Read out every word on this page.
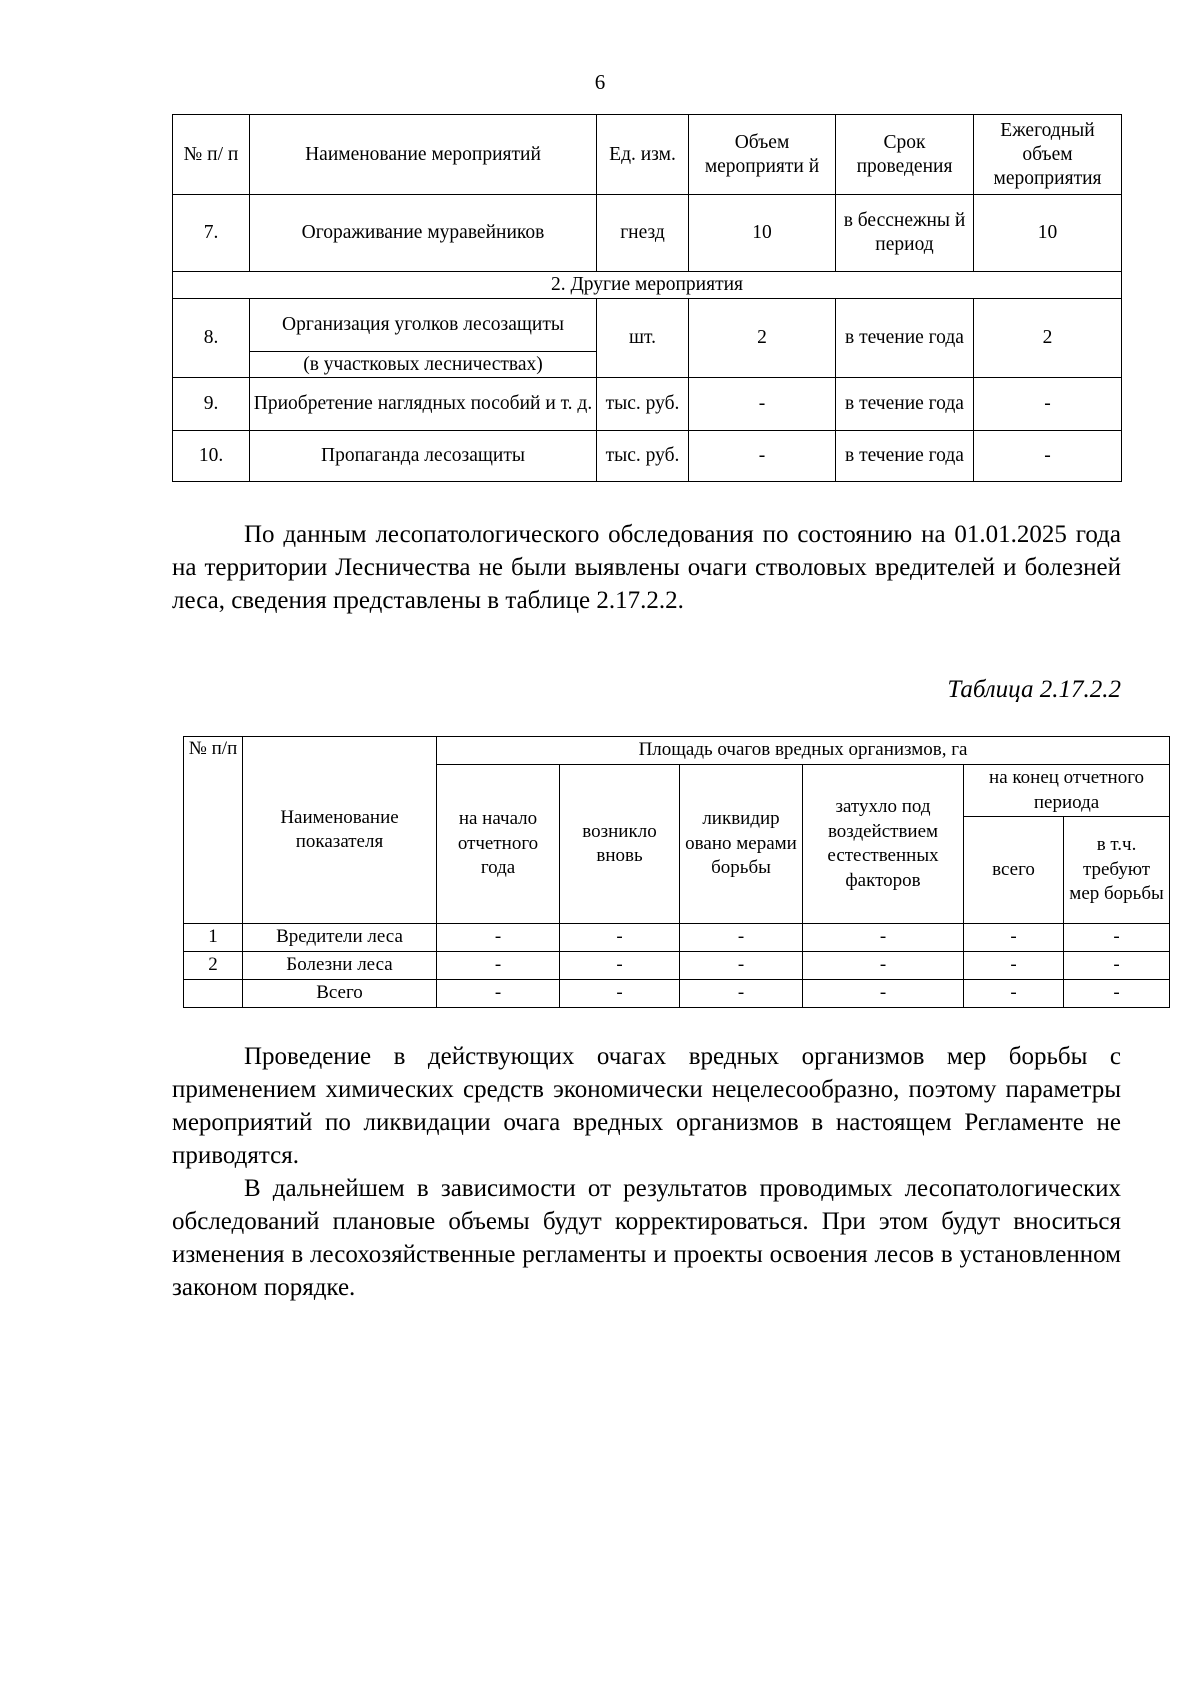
6
№ п/ п	Наименование мероприятий	Ед. изм.	Объем мероприяти й	Срок проведения	Ежегодный объем мероприятия
7.	Огораживание муравейников	гнезд	10	в бесснежны й период	10
2. Другие мероприятия					
8.	Организация уголков лесозащиты	шт.	2	в течение года	2
	(в участковых лесничествах)				
9.	Приобретение наглядных пособий и т. д.	тыс. руб.	-	в течение года	-
10.	Пропаганда лесозащиты	тыс. руб.	-	в течение года	-

По данным лесопатологического обследования по состоянию на 01.01.2025 года на территории Лесничества не были выявлены очаги стволовых вредителей и болезней леса, сведения представлены в таблице 2.17.2.2.

Таблица 2.17.2.2
№ п/п	Наименование показателя	Площадь очагов вредных организмов, га					
		на начало отчетного года	возникло вновь	ликвидир овано мерами борьбы	затухло под воздействием естественных факторов	на конец отчетного периода	
						всего	в т.ч. требуют мер борьбы
1	Вредители леса	-	-	-	-	-	-
2	Болезни леса	-	-	-	-	-	-
	Всего	-	-	-	-	-	-

Проведение в действующих очагах вредных организмов мер борьбы с применением химических средств экономически нецелесообразно, поэтому параметры мероприятий по ликвидации очага вредных организмов в настоящем Регламенте не приводятся.

В дальнейшем в зависимости от результатов проводимых лесопатологических обследований плановые объемы будут корректироваться. При этом будут вноситься изменения в лесохозяйственные регламенты и проекты освоения лесов в установленном законом порядке.
